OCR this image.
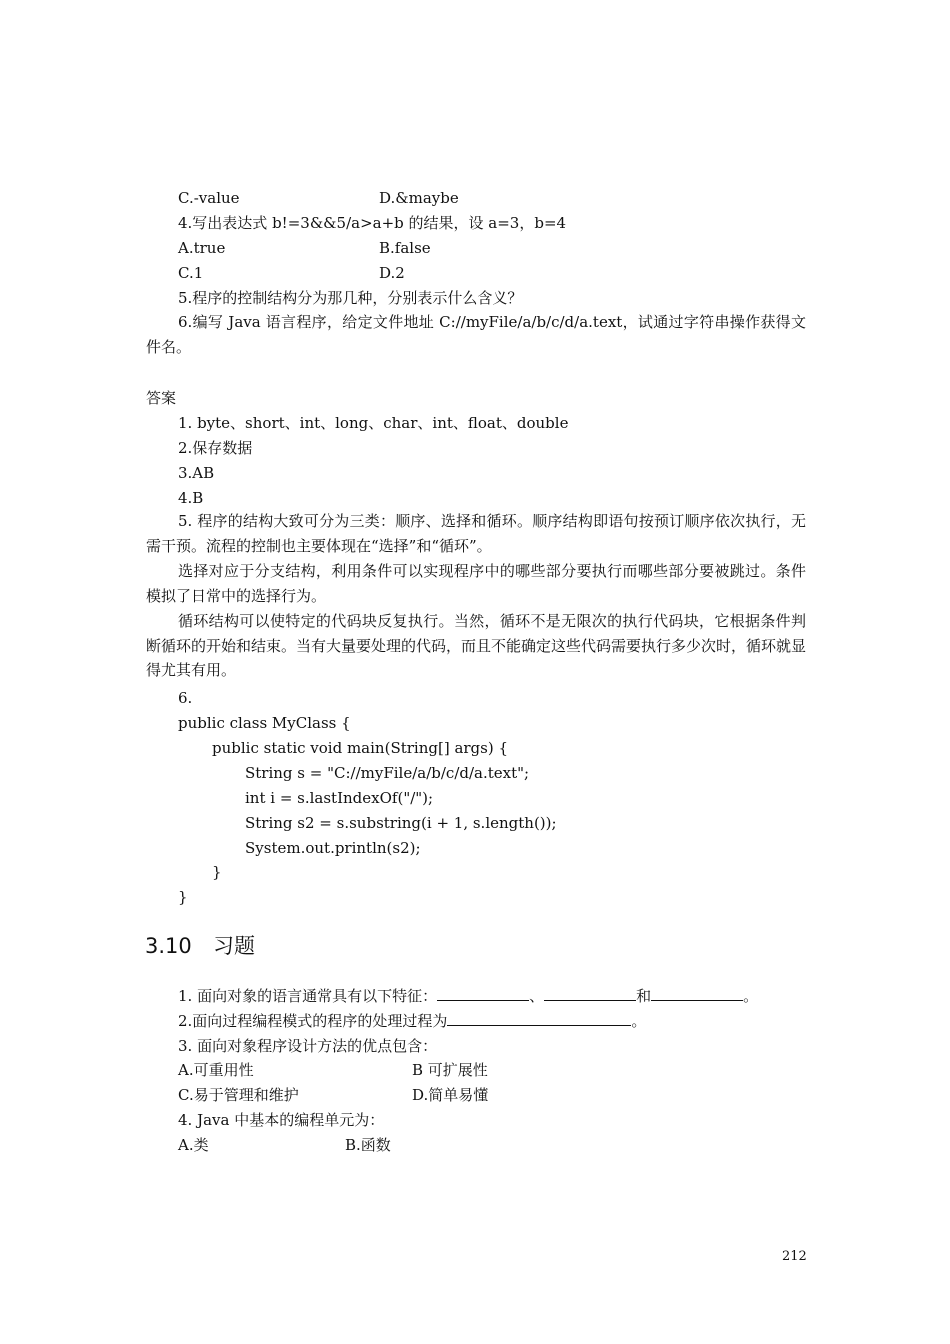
C.-value	D.&maybe
4.写出表达式 b!=3&&5/a>a+b 的结果，设 a=3，b=4
A.true	B.false
C.1	D.2
5.程序的控制结构分为那几种，分别表示什么含义？
6.编写 Java 语言程序，给定文件地址 C://myFile/a/b/c/d/a.text，试通过字符串操作获得文件名。
答案
1. byte、short、int、long、char、int、float、double
2.保存数据
3.AB
4.B
5. 程序的结构大致可分为三类：顺序、选择和循环。顺序结构即语句按预订顺序依次执行，无需干预。流程的控制也主要体现在“选择”和“循环”。
选择对应于分支结构，利用条件可以实现程序中的哪些部分要执行而哪些部分要被跳过。条件模拟了日常中的选择行为。
循环结构可以使特定的代码块反复执行。当然，循环不是无限次的执行代码块，它根据条件判断循环的开始和结束。当有大量要处理的代码，而且不能确定这些代码需要执行多少次时，循环就显得尤其有用。
6.
public class MyClass {
public static void main(String[] args) {
String s = "C://myFile/a/b/c/d/a.text";
int i = s.lastIndexOf("/");
String s2 = s.substring(i + 1, s.length());
System.out.println(s2);
}
}
3.10 习题
1. 面向对象的语言通常具有以下特征：	、	和	。
2.面向过程编程模式的程序的处理过程为	。
3. 面向对象程序设计方法的优点包含：
A.可重用性	B 可扩展性
C.易于管理和维护	D.简单易懂
4. Java 中基本的编程单元为：
A.类	B.函数
212
